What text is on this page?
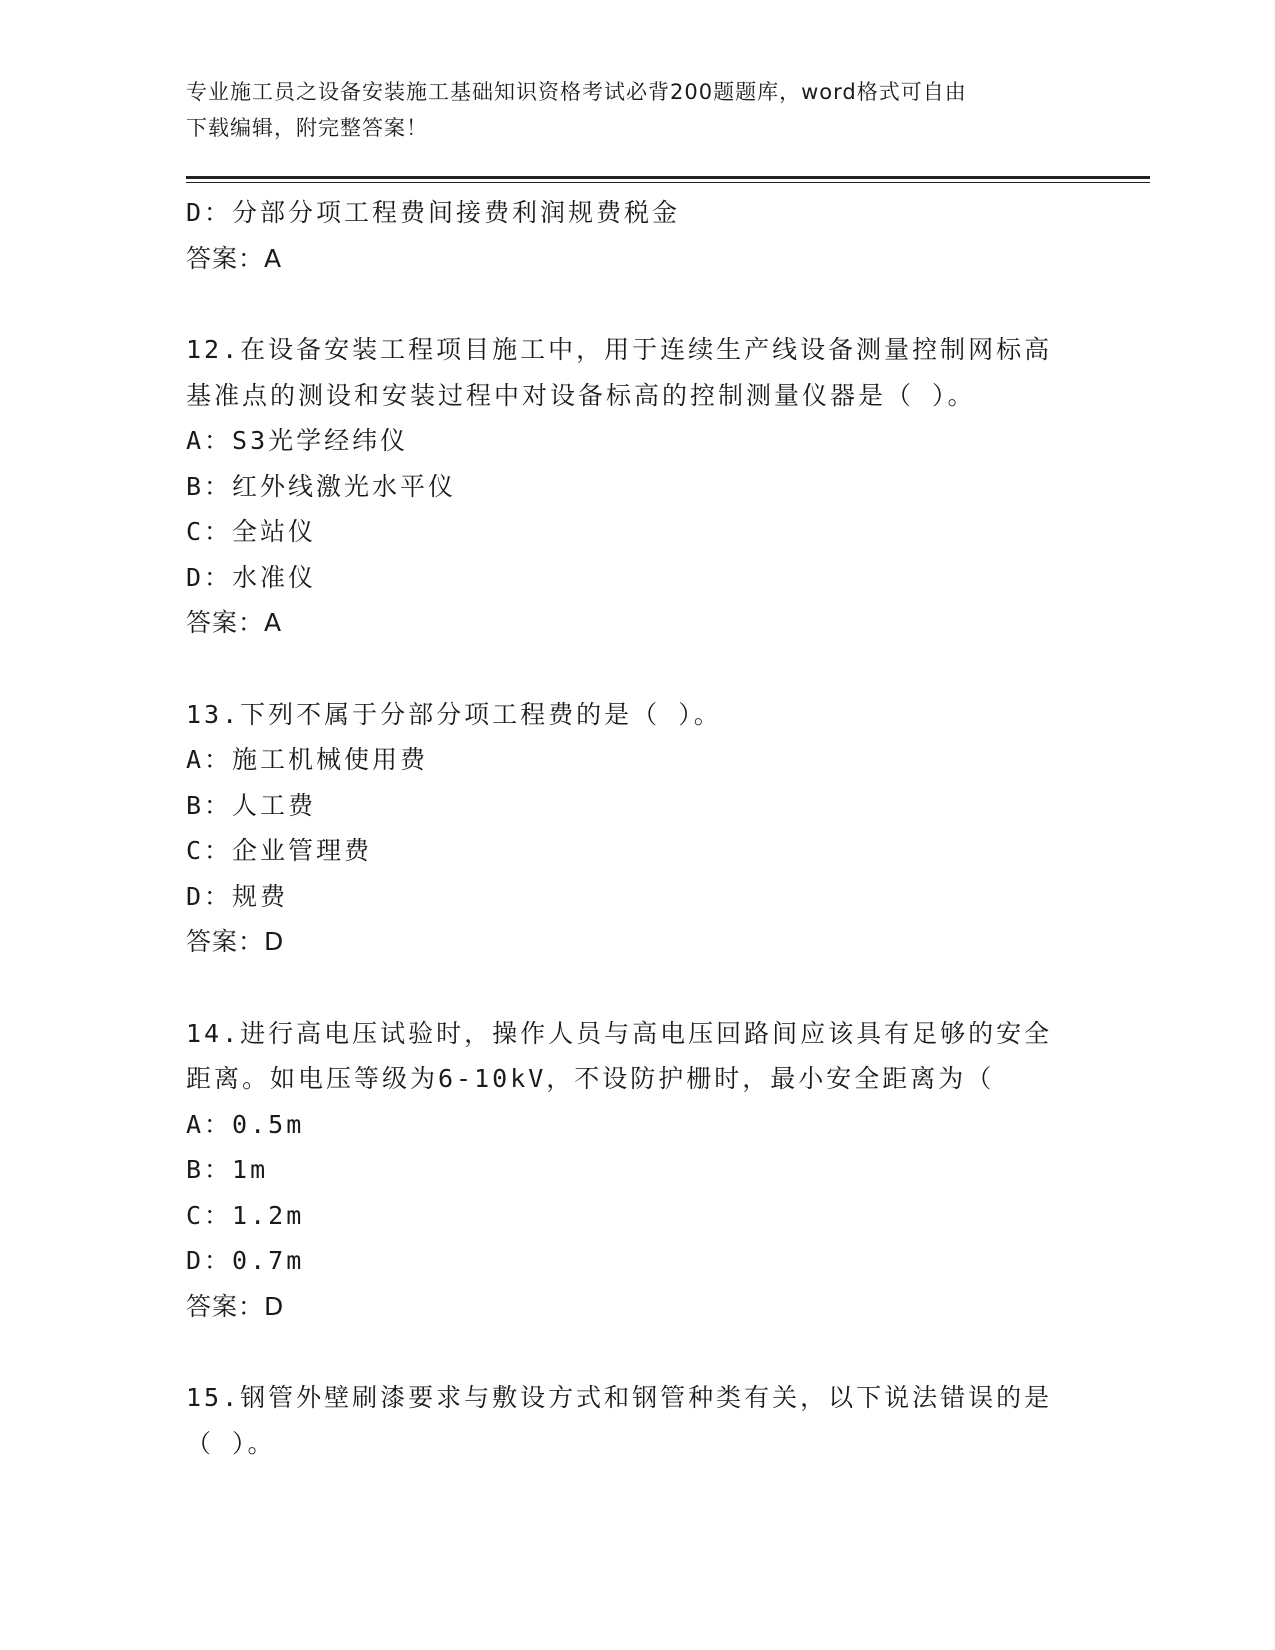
专业施工员之设备安装施工基础知识资格考试必背200题题库，word格式可自由
下载编辑，附完整答案！
D：分部分项工程费间接费利润规费税金
答案：A
12.在设备安装工程项目施工中，用于连续生产线设备测量控制网标高
基准点的测设和安装过程中对设备标高的控制测量仪器是（ ）。
A：S3光学经纬仪
B：红外线激光水平仪
C：全站仪
D：水准仪
答案：A
13.下列不属于分部分项工程费的是（ ）。
A：施工机械使用费
B：人工费
C：企业管理费
D：规费
答案：D
14.进行高电压试验时，操作人员与高电压回路间应该具有足够的安全
距离。如电压等级为6-10kV，不设防护栅时，最小安全距离为（
A：0.5m
B：1m
C：1.2m
D：0.7m
答案：D
15.钢管外壁刷漆要求与敷设方式和钢管种类有关，以下说法错误的是
（ ）。
